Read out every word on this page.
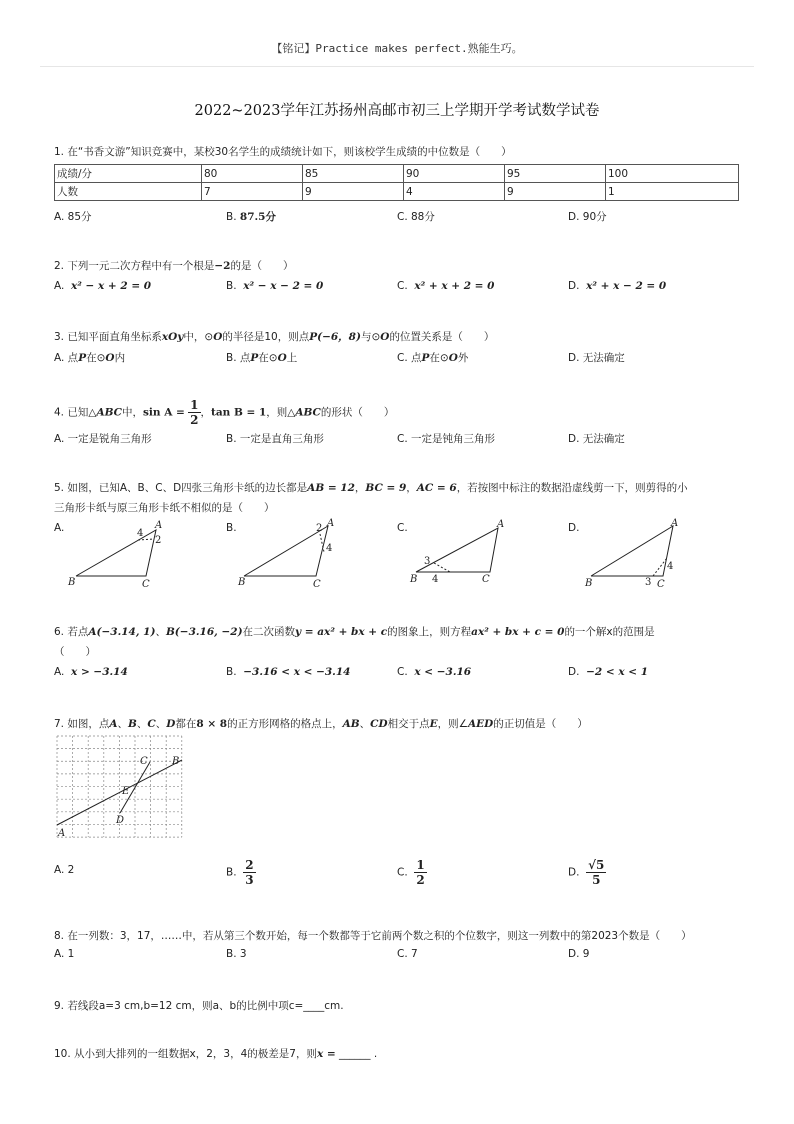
【铭记】Practice makes perfect.熟能生巧。
2022~2023学年江苏扬州高邮市初三上学期开学考试数学试卷
1. 在“书香文游”知识竞赛中，某校30名学生的成绩统计如下，则该校学生成绩的中位数是（　　）
成绩/分	80	85	90	95	100
人数	7	9	4	9	1
A. 85分	B. 87.5分	C. 88分	D. 90分
2. 下列一元二次方程中有一个根是−2的是（　　）
A. x² − x + 2 = 0	B. x² − x − 2 = 0	C. x² + x + 2 = 0	D. x² + x − 2 = 0
3. 已知平面直角坐标系xOy中，⊙O的半径是10，则点P(−6，8)与⊙O的位置关系是（　　）
A. 点P在⊙O内	B. 点P在⊙O上	C. 点P在⊙O外	D. 无法确定
4. 已知△ABC中，$\sin A = \frac{1}{2}$ ，tan B = 1，则△ABC的形状（　　）
A. 一定是锐角三角形	B. 一定是直角三角形	C. 一定是钝角三角形	D. 无法确定
5. 如图，已知A、B、C、D四张三角形卡纸的边长都是AB = 12，BC = 9，AC = 6，若按图中标注的数据沿虚线剪一下，则剪得的小
三角形卡纸与原三角形卡纸不相似的是（　　）
A.	B.	C.	D.
A
B	C
4
2
A
B	C
2
4
A
B	C
3
4
A
B	C
3
4
6. 若点A(−3.14, 1)、B(−3.16, −2)在二次函数y = ax² + bx + c的图象上，则方程ax² + bx + c = 0的一个解x的范围是
（　　）
A. x > −3.14	B. −3.16 < x < −3.14	C. x < −3.16	D. −2 < x < 1
7. 如图，点A、B、C、D都在8 × 8的正方形网格的格点上，AB、CD相交于点E，则∠AED的正切值是（　　）
A
B
C
D
E
A. 2	B. $\frac{2}{3}$	C. $\frac{1}{2}$	D. $\frac{√5}{5}$
8. 在一列数：3，17，……中，若从第三个数开始，每一个数都等于它前两个数之积的个位数字，则这一列数中的第2023个数是（　　）
A. 1	B. 3	C. 7	D. 9
9. 若线段a=3 cm,b=12 cm，则a、b的比例中项c=____cm.
10. 从小到大排列的一组数据x，2，3，4的极差是7，则x = ______ .
